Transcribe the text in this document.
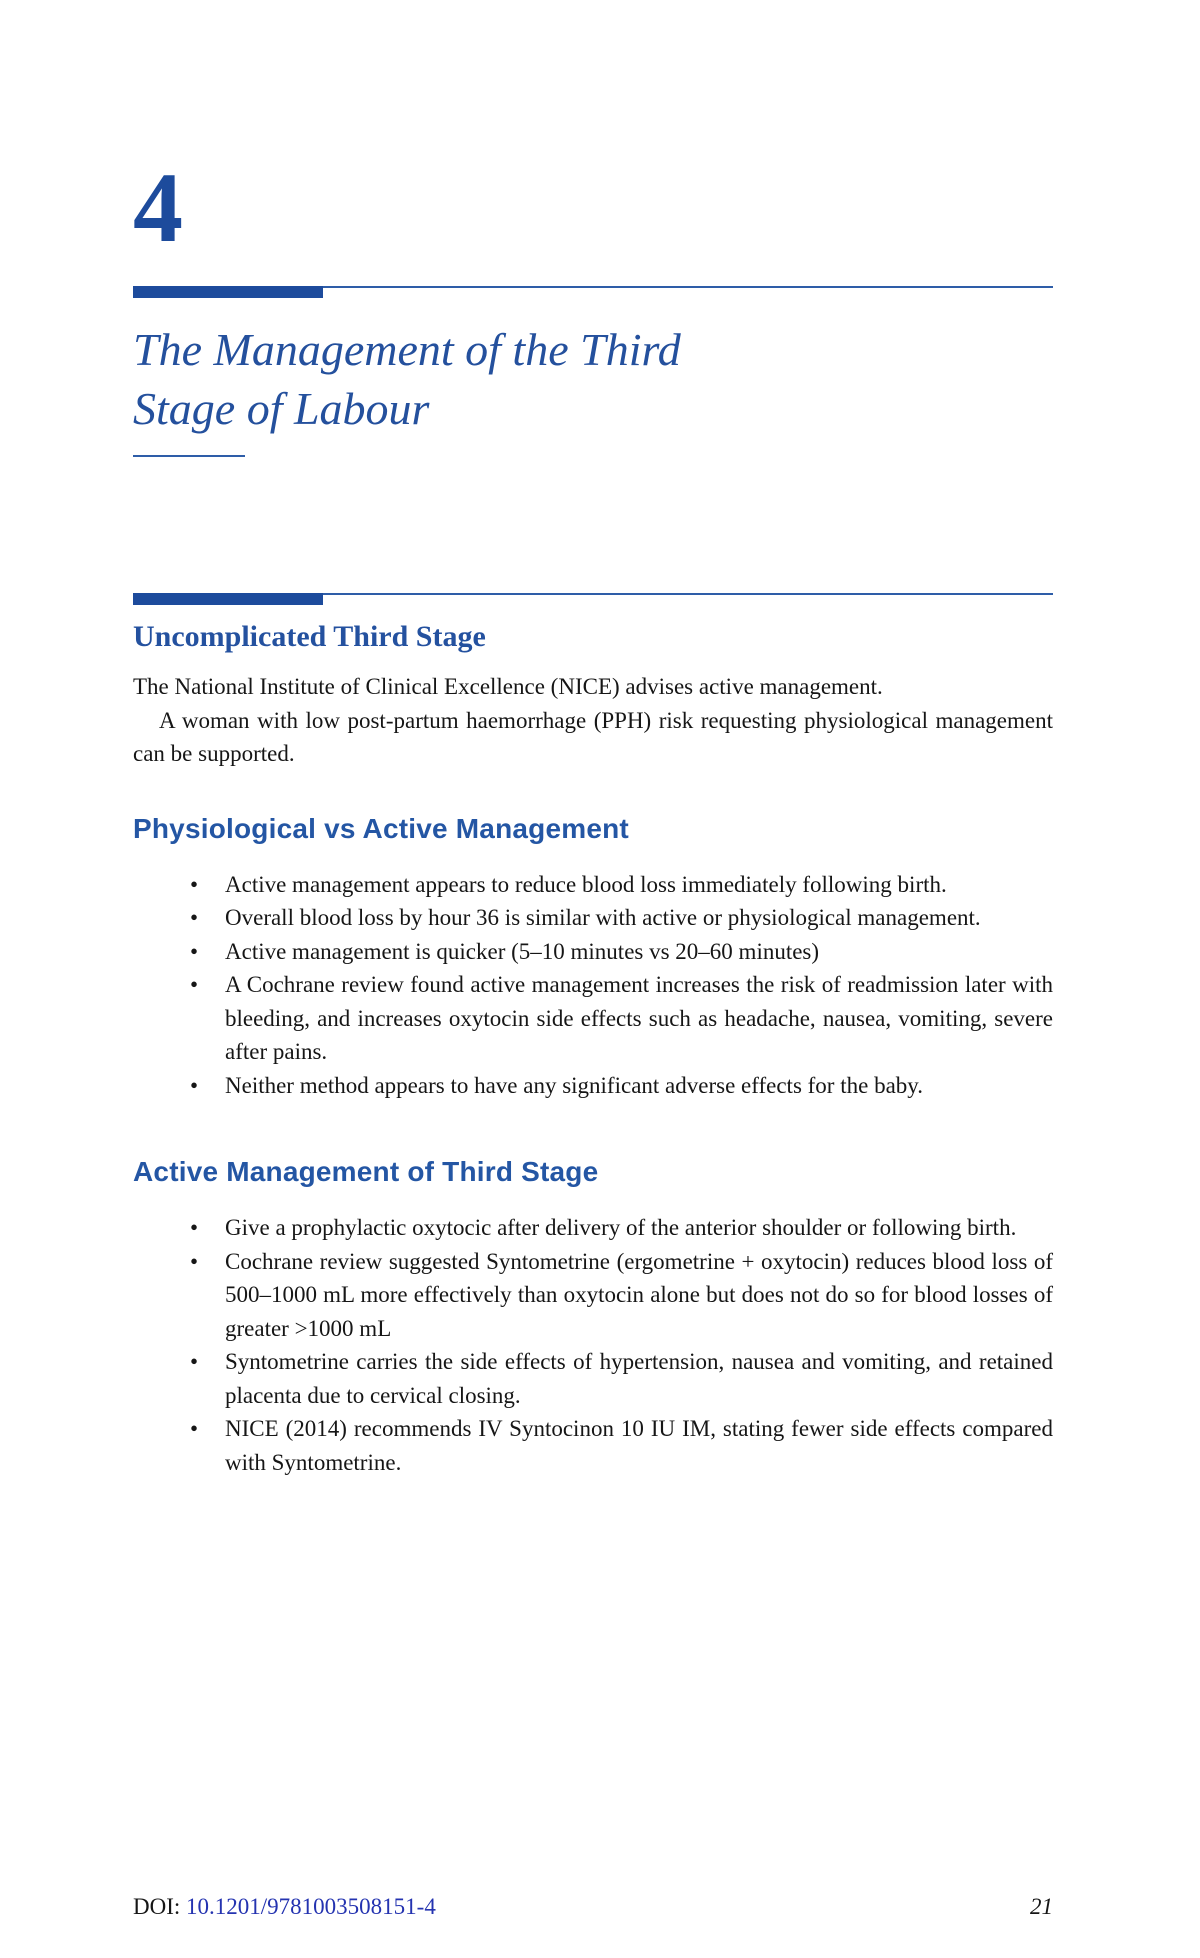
4
The Management of the Third
Stage of Labour
Uncomplicated Third Stage

The National Institute of Clinical Excellence (NICE) advises active management.

A woman with low post-partum haemorrhage (PPH) risk requesting physiological management can be supported.

Physiological vs Active Management
• Active management appears to reduce blood loss immediately following birth.
• Overall blood loss by hour 36 is similar with active or physiological management.
• Active management is quicker (5–10 minutes vs 20–60 minutes)
• A Cochrane review found active management increases the risk of readmission later with bleeding, and increases oxytocin side effects such as headache, nausea, vomiting, severe after pains.
• Neither method appears to have any significant adverse effects for the baby.
Active Management of Third Stage
• Give a prophylactic oxytocic after delivery of the anterior shoulder or following birth.
• Cochrane review suggested Syntometrine (ergometrine + oxytocin) reduces blood loss of 500–1000 mL more effectively than oxytocin alone but does not do so for blood losses of greater >1000 mL
• Syntometrine carries the side effects of hypertension, nausea and vomiting, and retained placenta due to cervical closing.
• NICE (2014) recommends IV Syntocinon 10 IU IM, stating fewer side effects compared with Syntometrine.
DOI: 10.1201/9781003508151-4	21
